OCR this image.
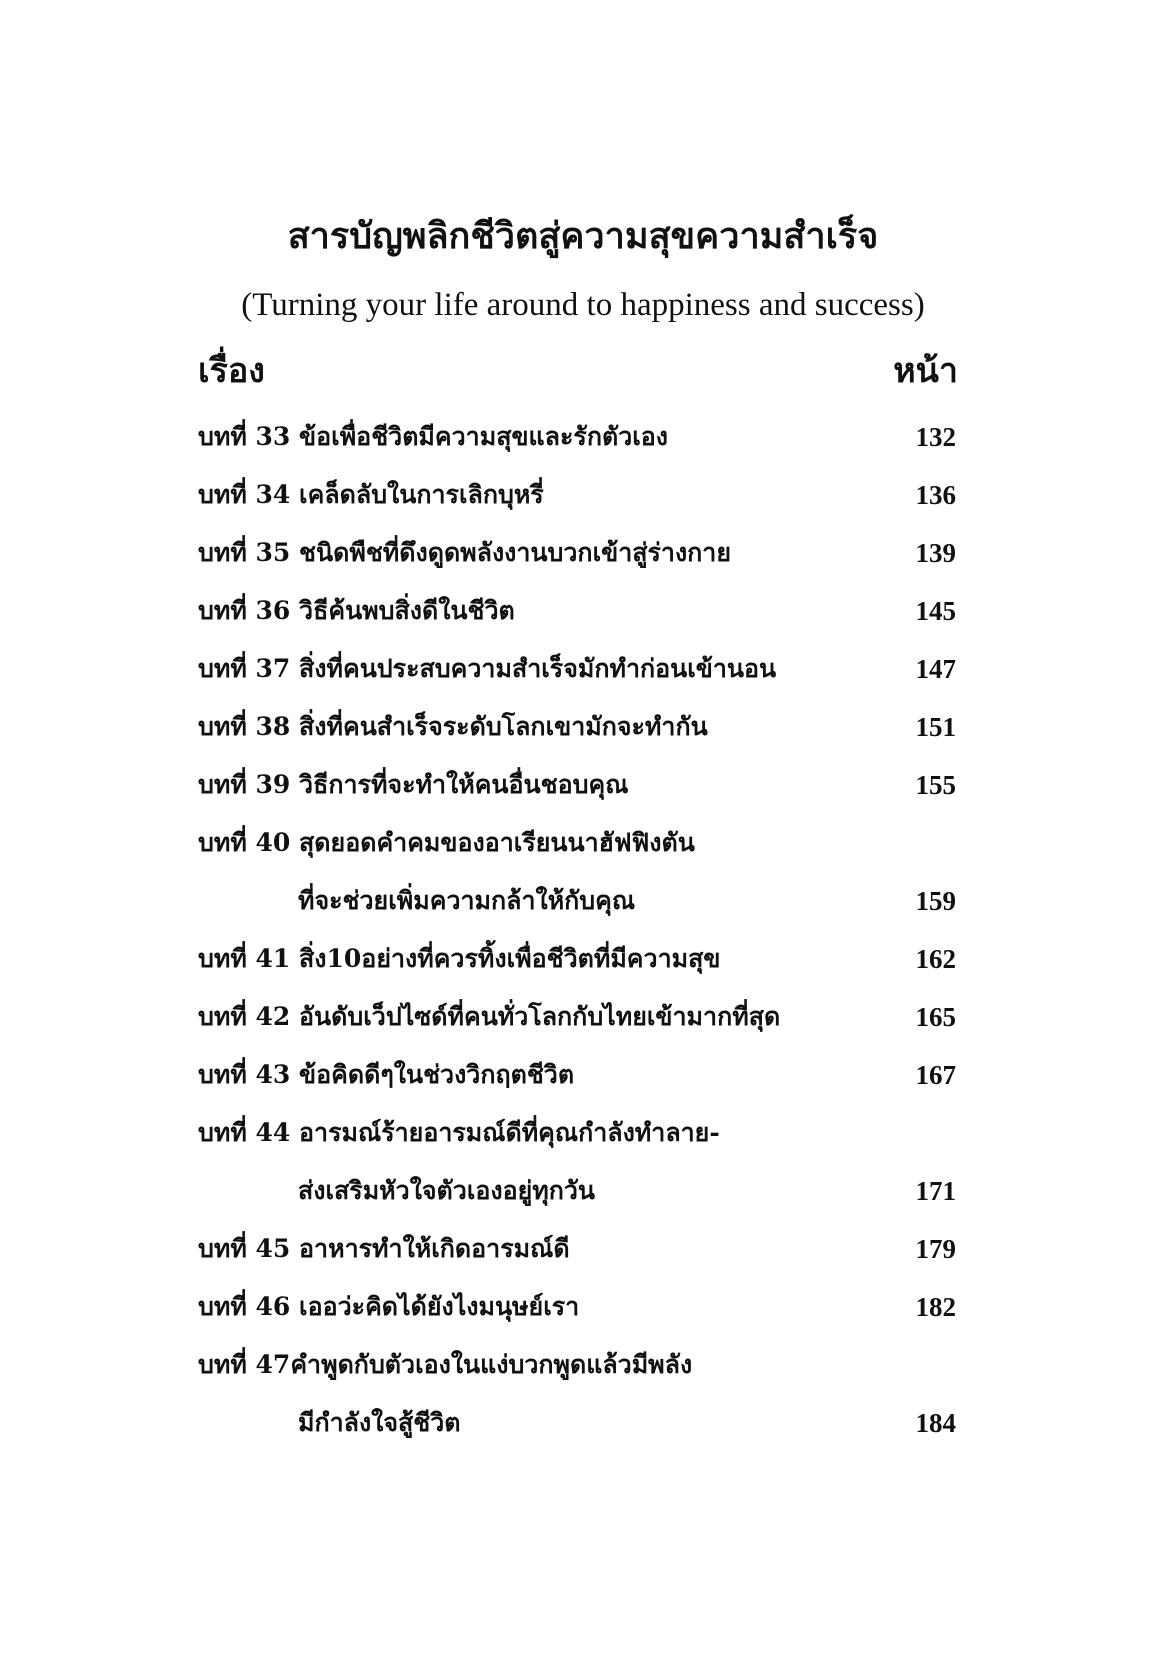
สารบัญพลิกชีวิตสู่ความสุขความสำเร็จ
(Turning your life around to happiness and success)
เรื่อง	หน้า
บทที่ 33 ข้อเพื่อชีวิตมีความสุขและรักตัวเอง	132
บทที่ 34 เคล็ดลับในการเลิกบุหรี่	136
บทที่ 35 ชนิดพืชที่ดึงดูดพลังงานบวกเข้าสู่ร่างกาย	139
บทที่ 36 วิธีค้นพบสิ่งดีในชีวิต	145
บทที่ 37 สิ่งที่คนประสบความสำเร็จมักทำก่อนเข้านอน	147
บทที่ 38 สิ่งที่คนสำเร็จระดับโลกเขามักจะทำกัน	151
บทที่ 39 วิธีการที่จะทำให้คนอื่นชอบคุณ	155
บทที่ 40 สุดยอดคำคมของอาเรียนนาฮัฟฟิงตัน
ที่จะช่วยเพิ่มความกล้าให้กับคุณ	159
บทที่ 41 สิ่ง10อย่างที่ควรทิ้งเพื่อชีวิตที่มีความสุข	162
บทที่ 42 อันดับเว็ปไซด์ที่คนทั่วโลกกับไทยเข้ามากที่สุด	165
บทที่ 43 ข้อคิดดีๆในช่วงวิกฤตชีวิต	167
บทที่ 44 อารมณ์ร้ายอารมณ์ดีที่คุณกำลังทำลาย-
ส่งเสริมหัวใจตัวเองอยู่ทุกวัน	171
บทที่ 45 อาหารทำให้เกิดอารมณ์ดี	179
บทที่ 46 เออว่ะคิดได้ยังไงมนุษย์เรา	182
บทที่ 47คำพูดกับตัวเองในแง่บวกพูดแล้วมีพลัง
มีกำลังใจสู้ชีวิต	184
